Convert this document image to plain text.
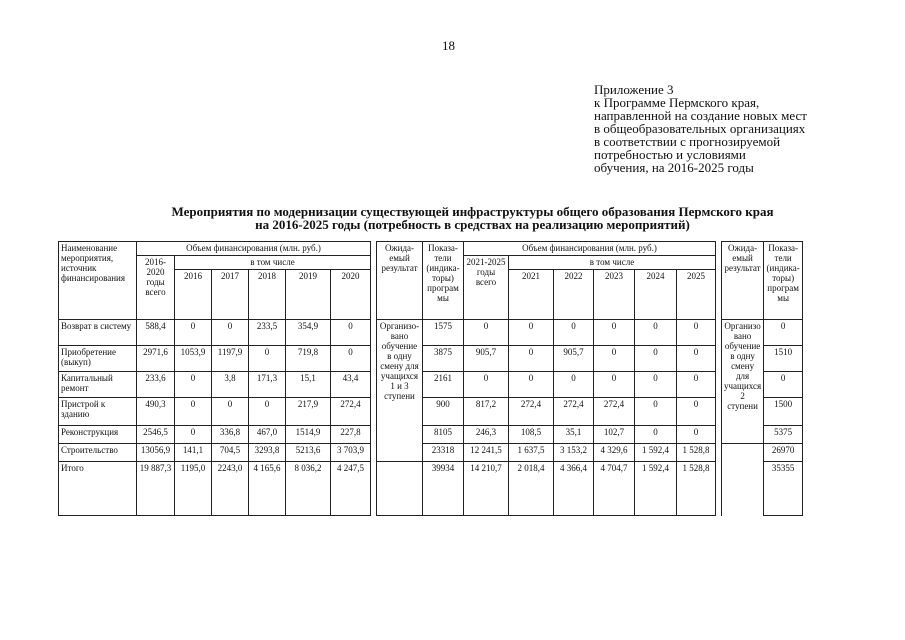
18
Приложение 3
к Программе Пермского края,
направленной на создание новых мест
в общеобразовательных организациях
в соответствии с прогнозируемой
потребностью и условиями
обучения, на 2016-2025 годы
Мероприятия по модернизации существующей инфраструктуры общего образования Пермского края
на 2016-2025 годы (потребность в средствах на реализацию мероприятий)
Наименование мероприятия, источник финансирования	Объем финансирования (млн. руб.)							Ожида-емый результат	Показа-тели (индика-торы) програм мы	Объем финансирования (млн. руб.)							Ожида-емый результат	Показа-тели (индика-торы) програм мы
	2016-2020 годы всего	в том числе								2021-2025 годы всего	в том числе							
		2016	2017	2018	2019	2020					2021	2022	2023	2024	2025			
Возврат в систему	588,4	0	0	233,5	354,9	0		Организо-вано обучение в одну смену для учащихся 1 и 3 ступени	1575	0	0	0	0	0	0		Организо вано обучение в одну смену для учащихся 2 ступени	0
Приобретение (выкуп)	2971,6	1053,9	1197,9	0	719,8	0			3875	905,7	0	905,7	0	0	0			1510
Капитальный ремонт	233,6	0	3,8	171,3	15,1	43,4			2161	0	0	0	0	0	0			0
Пристрой к зданию	490,3	0	0	0	217,9	272,4			900	817,2	272,4	272,4	272,4	0	0			1500
Реконструкция	2546,5	0	336,8	467,0	1514,9	227,8			8105	246,3	108,5	35,1	102,7	0	0			5375
Строительство	13056,9	141,1	704,5	3293,8	5213,6	3 703,9			23318	12 241,5	1 637,5	3 153,2	4 329,6	1 592,4	1 528,8			26970
Итого	19 887,3	1195,0	2243,0	4 165,6	8 036,2	4 247,5			39934	14 210,7	2 018,4	4 366,4	4 704,7	1 592,4	1 528,8			35355
